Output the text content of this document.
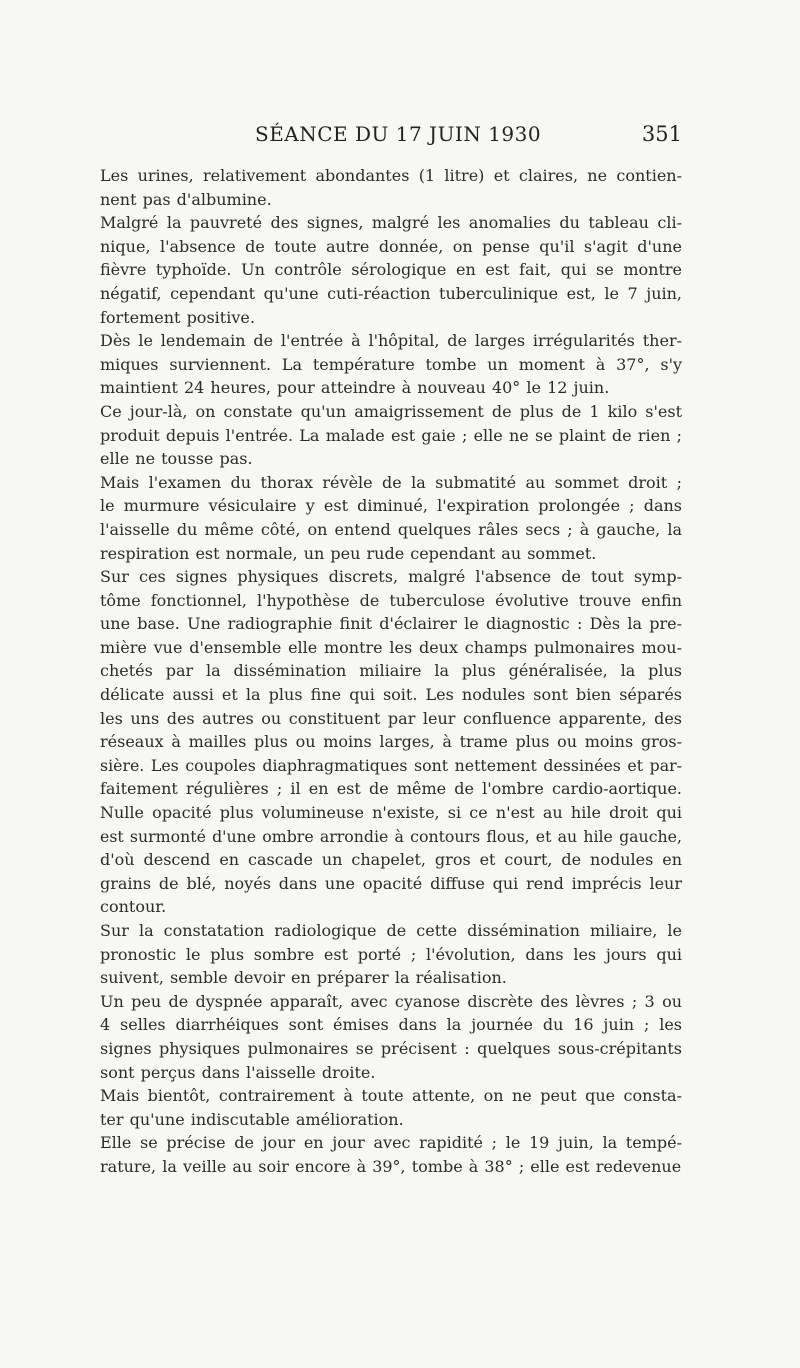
SÉANCE DU 17 JUIN 1930	351
Les urines, relativement abondantes (1 litre) et claires, ne contien-
nent pas d'albumine.
Malgré la pauvreté des signes, malgré les anomalies du tableau cli-
nique, l'absence de toute autre donnée, on pense qu'il s'agit d'une
fièvre typhoïde. Un contrôle sérologique en est fait, qui se montre
négatif, cependant qu'une cuti-réaction tuberculinique est, le 7 juin,
fortement positive.
Dès le lendemain de l'entrée à l'hôpital, de larges irrégularités ther-
miques surviennent. La température tombe un moment à 37°, s'y
maintient 24 heures, pour atteindre à nouveau 40° le 12 juin.
Ce jour-là, on constate qu'un amaigrissement de plus de 1 kilo s'est
produit depuis l'entrée. La malade est gaie ; elle ne se plaint de rien ;
elle ne tousse pas.
Mais l'examen du thorax révèle de la submatité au sommet droit ;
le murmure vésiculaire y est diminué, l'expiration prolongée ; dans
l'aisselle du même côté, on entend quelques râles secs ; à gauche, la
respiration est normale, un peu rude cependant au sommet.
Sur ces signes physiques discrets, malgré l'absence de tout symp-
tôme fonctionnel, l'hypothèse de tuberculose évolutive trouve enfin
une base. Une radiographie finit d'éclairer le diagnostic : Dès la pre-
mière vue d'ensemble elle montre les deux champs pulmonaires mou-
chetés par la dissémination miliaire la plus généralisée, la plus
délicate aussi et la plus fine qui soit. Les nodules sont bien séparés
les uns des autres ou constituent par leur confluence apparente, des
réseaux à mailles plus ou moins larges, à trame plus ou moins gros-
sière. Les coupoles diaphragmatiques sont nettement dessinées et par-
faitement régulières ; il en est de même de l'ombre cardio-aortique.
Nulle opacité plus volumineuse n'existe, si ce n'est au hile droit qui
est surmonté d'une ombre arrondie à contours flous, et au hile gauche,
d'où descend en cascade un chapelet, gros et court, de nodules en
grains de blé, noyés dans une opacité diffuse qui rend imprécis leur
contour.
Sur la constatation radiologique de cette dissémination miliaire, le
pronostic le plus sombre est porté ; l'évolution, dans les jours qui
suivent, semble devoir en préparer la réalisation.
Un peu de dyspnée apparaît, avec cyanose discrète des lèvres ; 3 ou
4 selles diarrhéiques sont émises dans la journée du 16 juin ; les
signes physiques pulmonaires se précisent : quelques sous-crépitants
sont perçus dans l'aisselle droite.
Mais bientôt, contrairement à toute attente, on ne peut que consta-
ter qu'une indiscutable amélioration.
Elle se précise de jour en jour avec rapidité ; le 19 juin, la tempé-
rature, la veille au soir encore à 39°, tombe à 38° ; elle est redevenue
